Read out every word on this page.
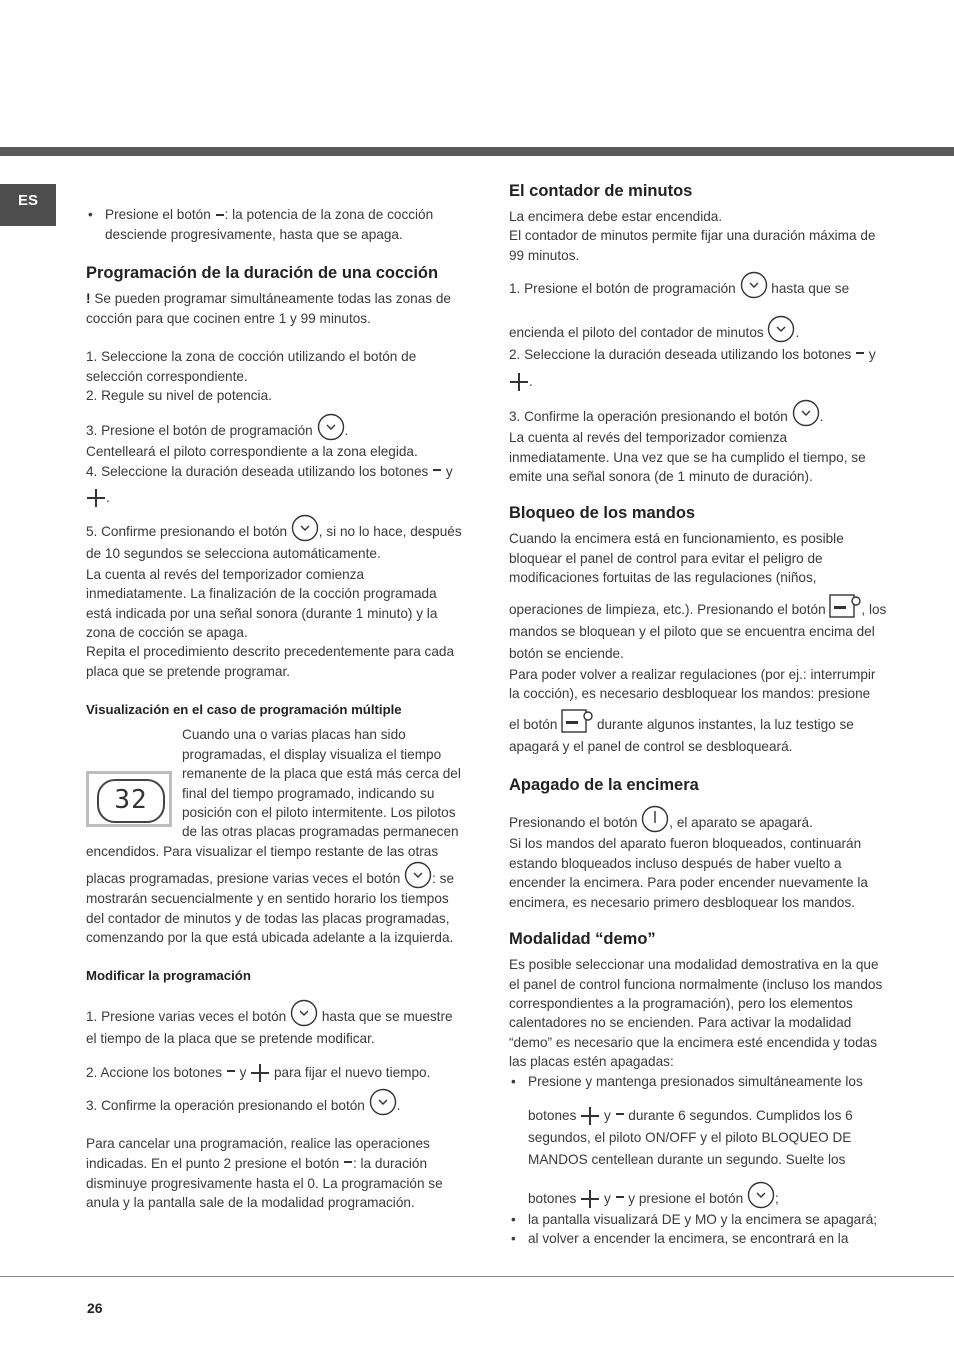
ES
• Presione el botón : la potencia de la zona de cocción desciende progresivamente, hasta que se apaga.
Programación de la duración de una cocción

! Se pueden programar simultáneamente todas las zonas de cocción para que cocinen entre 1 y 99 minutos.

1. Seleccione la zona de cocción utilizando el botón de selección correspondiente.

2. Regule su nivel de potencia.

3. Presione el botón de programación .

Centelleará el piloto correspondiente a la zona elegida.

4. Seleccione la duración deseada utilizando los botones y

.

5. Confirme presionando el botón , si no lo hace, después de 10 segundos se selecciona automáticamente.

La cuenta al revés del temporizador comienza inmediatamente. La finalización de la cocción programada está indicada por una señal sonora (durante 1 minuto) y la zona de cocción se apaga.

Repita el procedimiento descrito precedentemente para cada placa que se pretende programar.

Visualización en el caso de programación múltiple
32
Cuando una o varias placas han sido programadas, el display visualiza el tiempo remanente de la placa que está más cerca del final del tiempo programado, indicando su posición con el piloto intermitente. Los pilotos de las otras placas programadas permanecen encendidos. Para visualizar el tiempo restante de las otras placas programadas, presione varias veces el botón : se mostrarán secuencialmente y en sentido horario los tiempos del contador de minutos y de todas las placas programadas, comenzando por la que está ubicada adelante a la izquierda.
Modificar la programación

1. Presione varias veces el botón	hasta que se muestre el tiempo de la placa que se pretende modificar.

2. Accione los botones y para fijar el nuevo tiempo.

3. Confirme la operación presionando el botón .

Para cancelar una programación, realice las operaciones indicadas. En el punto 2 presione el botón : la duración disminuye progresivamente hasta el 0. La programación se anula y la pantalla sale de la modalidad programación.

El contador de minutos

La encimera debe estar encendida.

El contador de minutos permite fijar una duración máxima de 99 minutos.

1. Presione el botón de programación	hasta que se

encienda el piloto del contador de minutos .

2. Seleccione la duración deseada utilizando los botones y

.

3. Confirme la operación presionando el botón .

La cuenta al revés del temporizador comienza inmediatamente. Una vez que se ha cumplido el tiempo, se emite una señal sonora (de 1 minuto de duración).

Bloqueo de los mandos

Cuando la encimera está en funcionamiento, es posible bloquear el panel de control para evitar el peligro de modificaciones fortuitas de las regulaciones (niños,

operaciones de limpieza, etc.). Presionando el botón	, los mandos se bloquean y el piloto que se encuentra encima del botón se enciende.

Para poder volver a realizar regulaciones (por ej.: interrumpir la cocción), es necesario desbloquear los mandos: presione

el botón	durante algunos instantes, la luz testigo se apagará y el panel de control se desbloqueará.

Apagado de la encimera

Presionando el botón , el aparato se apagará.

Si los mandos del aparato fueron bloqueados, continuarán estando bloqueados incluso después de haber vuelto a encender la encimera. Para poder encender nuevamente la encimera, es necesario primero desbloquear los mandos.

Modalidad “demo”

Es posible seleccionar una modalidad demostrativa en la que el panel de control funciona normalmente (incluso los mandos correspondientes a la programación), pero los elementos calentadores no se encienden. Para activar la modalidad “demo” es necesario que la encimera esté encendida y todas las placas estén apagadas:

• Presione y mantenga presionados simultáneamente los

botones y durante 6 segundos. Cumplidos los 6 segundos, el piloto ON/OFF y el piloto BLOQUEO DE MANDOS centellean durante un segundo. Suelte los

botones y y presione el botón ;

• la pantalla visualizará DE y MO y la encimera se apagará;
• al volver a encender la encimera, se encontrará en la
26
